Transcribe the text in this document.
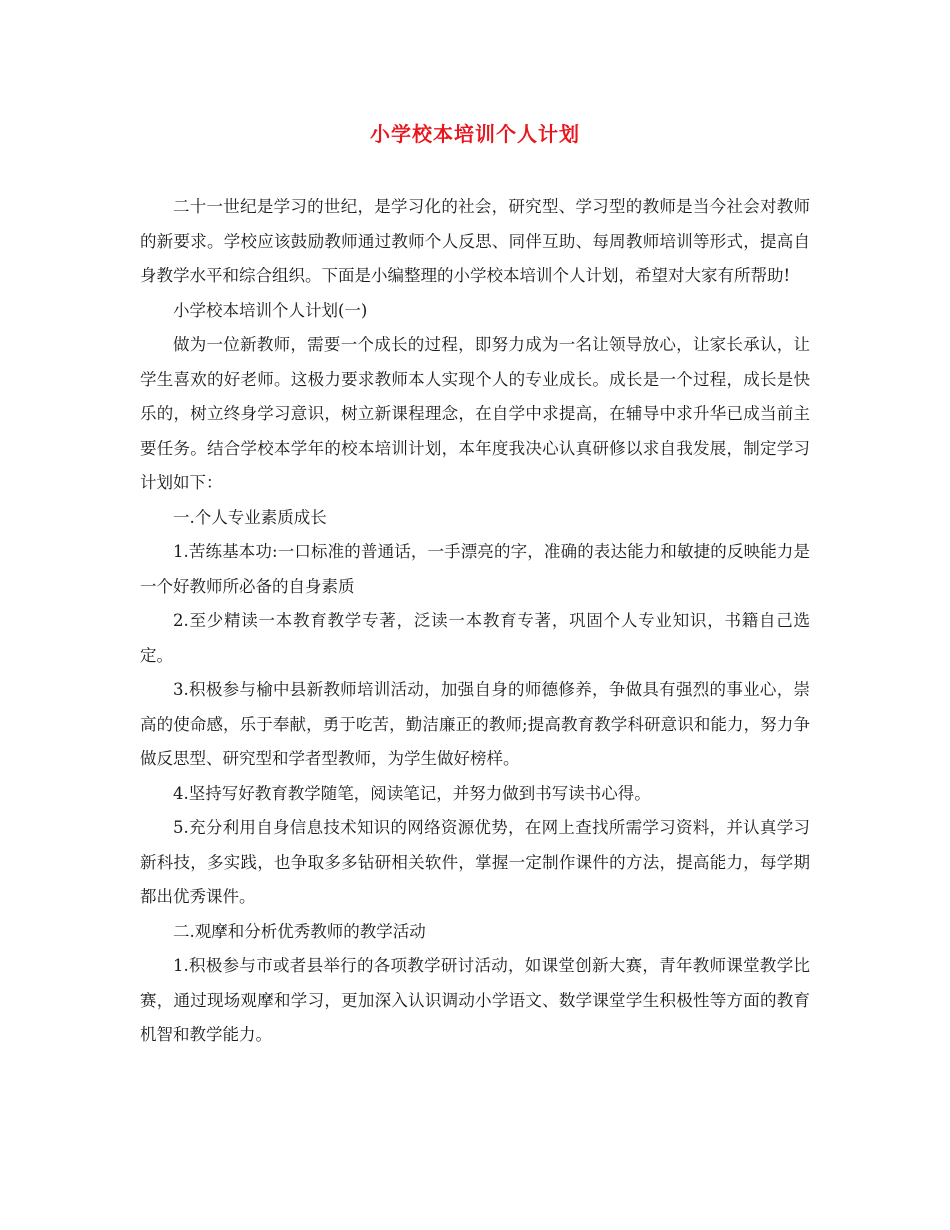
小学校本培训个人计划

二十一世纪是学习的世纪，是学习化的社会，研究型、学习型的教师是当今社会对教师的新要求。学校应该鼓励教师通过教师个人反思、同伴互助、每周教师培训等形式，提高自身教学水平和综合组织。下面是小编整理的小学校本培训个人计划，希望对大家有所帮助!

小学校本培训个人计划(一)

做为一位新教师，需要一个成长的过程，即努力成为一名让领导放心，让家长承认，让学生喜欢的好老师。这极力要求教师本人实现个人的专业成长。成长是一个过程，成长是快乐的，树立终身学习意识，树立新课程理念，在自学中求提高，在辅导中求升华已成当前主要任务。结合学校本学年的校本培训计划，本年度我决心认真研修以求自我发展，制定学习计划如下：

一.个人专业素质成长

1.苦练基本功:一口标准的普通话，一手漂亮的字，准确的表达能力和敏捷的反映能力是一个好教师所必备的自身素质

2.至少精读一本教育教学专著，泛读一本教育专著，巩固个人专业知识，书籍自己选定。

3.积极参与榆中县新教师培训活动，加强自身的师德修养，争做具有强烈的事业心，崇高的使命感，乐于奉献，勇于吃苦，勤洁廉正的教师;提高教育教学科研意识和能力，努力争做反思型、研究型和学者型教师，为学生做好榜样。

4.坚持写好教育教学随笔，阅读笔记，并努力做到书写读书心得。

5.充分利用自身信息技术知识的网络资源优势，在网上查找所需学习资料，并认真学习新科技，多实践，也争取多多钻研相关软件，掌握一定制作课件的方法，提高能力，每学期都出优秀课件。

二.观摩和分析优秀教师的教学活动

1.积极参与市或者县举行的各项教学研讨活动，如课堂创新大赛，青年教师课堂教学比赛，通过现场观摩和学习，更加深入认识调动小学语文、数学课堂学生积极性等方面的教育机智和教学能力。
